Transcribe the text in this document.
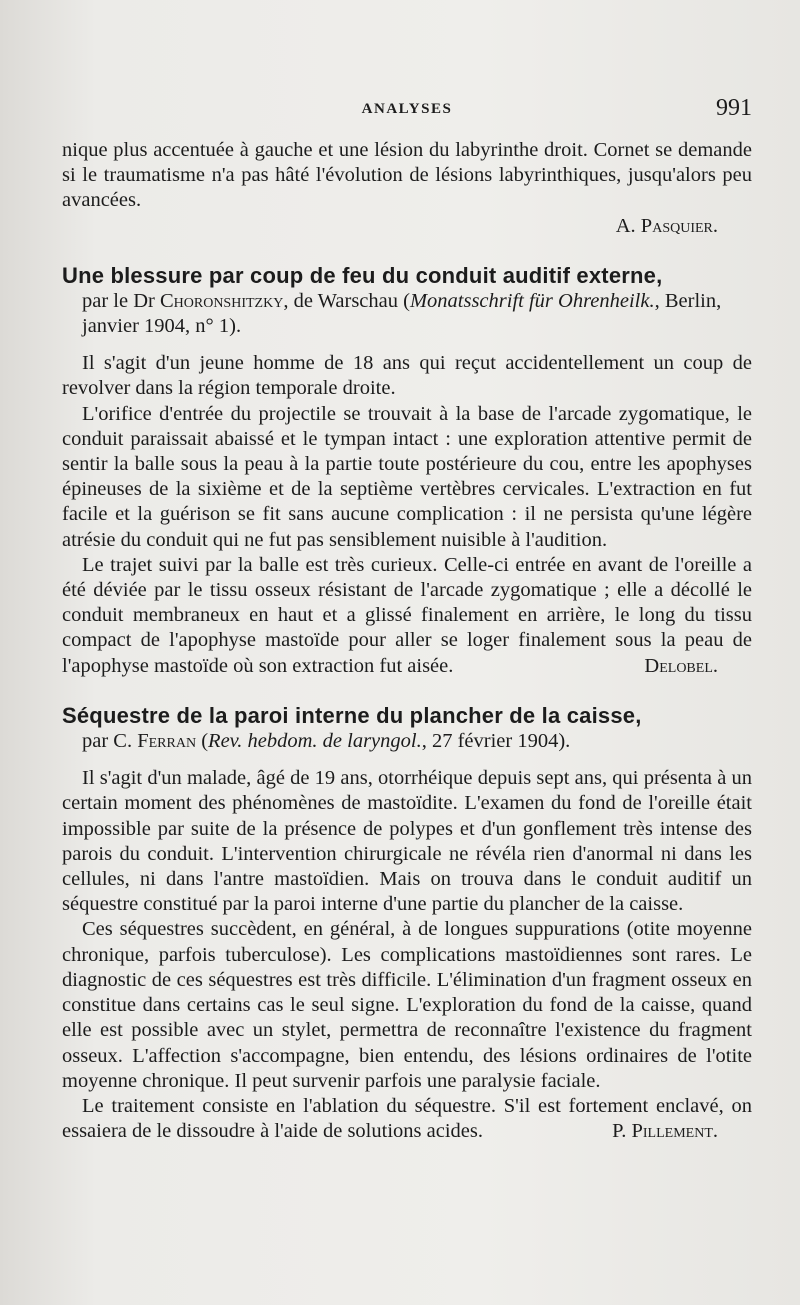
ANALYSES	991

nique plus accentuée à gauche et une lésion du labyrinthe droit. Cornet se demande si le traumatisme n'a pas hâté l'évolution de lésions labyrinthiques, jusqu'alors peu avancées.

A. Pasquier.

Une blessure par coup de feu du conduit auditif externe,
par le Dr Choronshitzky, de Warschau (Monatsschrift für Ohrenheilk., Berlin, janvier 1904, n° 1).

Il s'agit d'un jeune homme de 18 ans qui reçut accidentellement un coup de revolver dans la région temporale droite.

L'orifice d'entrée du projectile se trouvait à la base de l'arcade zygomatique, le conduit paraissait abaissé et le tympan intact : une exploration attentive permit de sentir la balle sous la peau à la partie toute postérieure du cou, entre les apophyses épineuses de la sixième et de la septième vertèbres cervicales. L'extraction en fut facile et la guérison se fit sans aucune complication : il ne persista qu'une légère atrésie du conduit qui ne fut pas sensiblement nuisible à l'audition.

Le trajet suivi par la balle est très curieux. Celle-ci entrée en avant de l'oreille a été déviée par le tissu osseux résistant de l'arcade zygomatique ; elle a décollé le conduit membraneux en haut et a glissé finalement en arrière, le long du tissu compact de l'apophyse mastoïde pour aller se loger finalement sous la peau de l'apophyse mastoïde où son extraction fut aisée.	Delobel.

Séquestre de la paroi interne du plancher de la caisse,
par C. Ferran (Rev. hebdom. de laryngol., 27 février 1904).

Il s'agit d'un malade, âgé de 19 ans, otorrhéique depuis sept ans, qui présenta à un certain moment des phénomènes de mastoïdite. L'examen du fond de l'oreille était impossible par suite de la présence de polypes et d'un gonflement très intense des parois du conduit. L'intervention chirurgicale ne révéla rien d'anormal ni dans les cellules, ni dans l'antre mastoïdien. Mais on trouva dans le conduit auditif un séquestre constitué par la paroi interne d'une partie du plancher de la caisse.

Ces séquestres succèdent, en général, à de longues suppurations (otite moyenne chronique, parfois tuberculose). Les complications mastoïdiennes sont rares. Le diagnostic de ces séquestres est très difficile. L'élimination d'un fragment osseux en constitue dans certains cas le seul signe. L'exploration du fond de la caisse, quand elle est possible avec un stylet, permettra de reconnaître l'existence du fragment osseux. L'affection s'accompagne, bien entendu, des lésions ordinaires de l'otite moyenne chronique. Il peut survenir parfois une paralysie faciale.

Le traitement consiste en l'ablation du séquestre. S'il est fortement enclavé, on essaiera de le dissoudre à l'aide de solutions acides.	P. Pillement.
